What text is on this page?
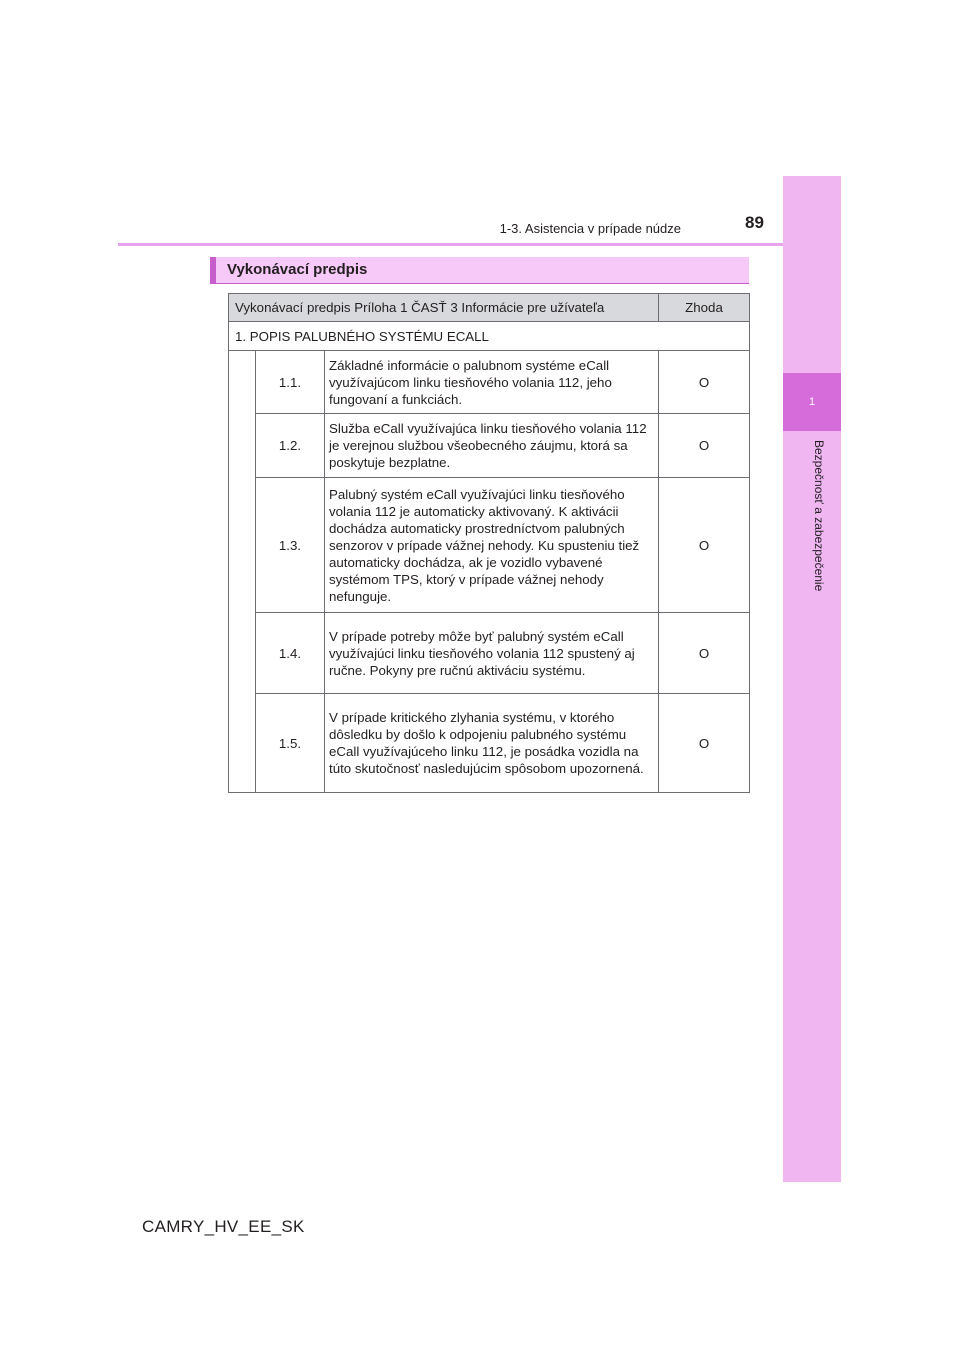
1
Bezpečnosť a zabezpečenie
1-3. Asistencia v prípade núdze	89
Vykonávací predpis
Vykonávací predpis Príloha 1 ČASŤ 3 Informácie pre užívateľa			Zhoda
1. POPIS PALUBNÉHO SYSTÉMU ECALL			
	1.1.	Základné informácie o palubnom systéme eCall využívajúcom linku tiesňového volania 112, jeho fungovaní a funkciách.	O
	1.2.	Služba eCall využívajúca linku tiesňového volania 112 je verejnou službou všeobecného záujmu, ktorá sa poskytuje bezplatne.	O
	1.3.	Palubný systém eCall využívajúci linku tiesňového volania 112 je automaticky aktivovaný. K aktivácii dochádza automaticky prostredníctvom palubných senzorov v prípade vážnej nehody. Ku spusteniu tiež automaticky dochádza, ak je vozidlo vybavené systémom TPS, ktorý v prípade vážnej nehody nefunguje.	O
	1.4.	V prípade potreby môže byť palubný systém eCall využívajúci linku tiesňového volania 112 spustený aj ručne. Pokyny pre ručnú aktiváciu systému.	O
	1.5.	V prípade kritického zlyhania systému, v ktorého dôsledku by došlo k odpojeniu palubného systému eCall využívajúceho linku 112, je posádka vozidla na túto skutočnosť nasledujúcim spôsobom upozornená.	O
CAMRY_HV_EE_SK
